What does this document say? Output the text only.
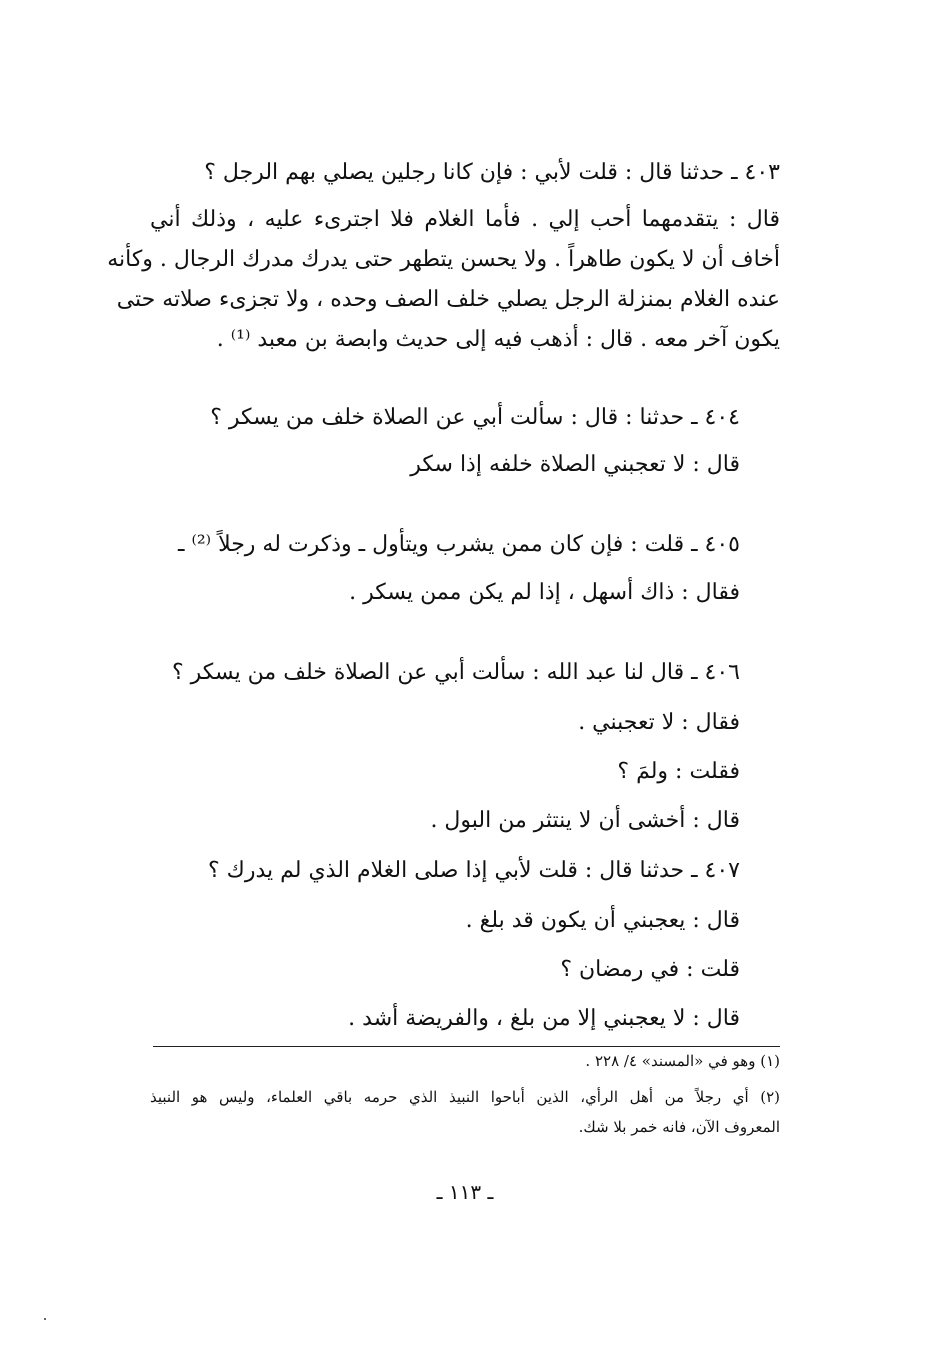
٤٠٣ ـ حدثنا قال : قلت لأبي : فإن كانا رجلين يصلي بهم الرجل ؟
قال : يتقدمهما أحب إلي . فأما الغلام فلا اجترىء عليه ، وذلك أني
أخاف أن لا يكون طاهراً . ولا يحسن يتطهر حتى يدرك مدرك الرجال . وكأنه
عنده الغلام بمنزلة الرجل يصلي خلف الصف وحده ، ولا تجزىء صلاته حتى
يكون آخر معه . قال : أذهب فيه إلى حديث وابصة بن معبد ⁽¹⁾ .
٤٠٤ ـ حدثنا : قال : سألت أبي عن الصلاة خلف من يسكر ؟
قال : لا تعجبني الصلاة خلفه إذا سكر
٤٠٥ ـ قلت : فإن كان ممن يشرب ويتأول ـ وذكرت له رجلاً ⁽²⁾ ـ
فقال : ذاك أسهل ، إذا لم يكن ممن يسكر .
٤٠٦ ـ قال لنا عبد الله : سألت أبي عن الصلاة خلف من يسكر ؟
فقال : لا تعجبني .
فقلت : ولمَ ؟
قال : أخشى أن لا ينتثر من البول .
٤٠٧ ـ حدثنا قال : قلت لأبي إذا صلى الغلام الذي لم يدرك ؟
قال : يعجبني أن يكون قد بلغ .
قلت : في رمضان ؟
قال : لا يعجبني إلا من بلغ ، والفريضة أشد .
(١) وهو في «المسند» ٤/ ٢٢٨ .
(٢) أي رجلاً من أهل الرأي، الذين أباحوا النبيذ الذي حرمه باقي العلماء، وليس هو النبيذ
المعروف الآن، فانه خمر بلا شك.
ـ ١١٣ ـ
